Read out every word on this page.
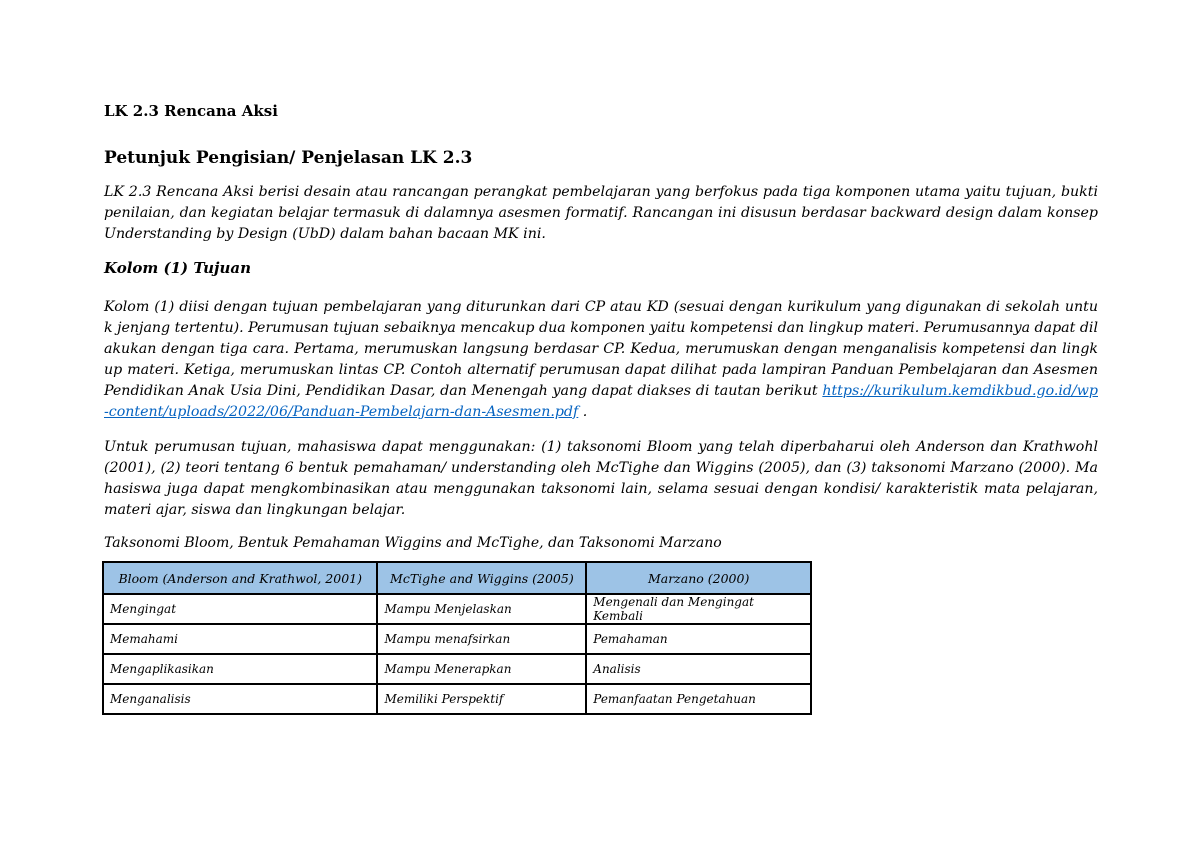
LK 2.3 Rencana Aksi
Petunjuk Pengisian/ Penjelasan LK 2.3

LK 2.3 Rencana Aksi berisi desain atau rancangan perangkat pembelajaran yang berfokus pada tiga komponen utama yaitu tujuan, bukti penilaian, dan kegiatan belajar termasuk di dalamnya asesmen formatif. Rancangan ini disusun berdasar backward design dalam konsep Understanding by Design (UbD) dalam bahan bacaan MK ini.

Kolom (1) Tujuan

Kolom (1) diisi dengan tujuan pembelajaran yang diturunkan dari CP atau KD (sesuai dengan kurikulum yang digunakan di sekolah untuk jenjang tertentu). Perumusan tujuan sebaiknya mencakup dua komponen yaitu kompetensi dan lingkup materi. Perumusannya dapat dilakukan dengan tiga cara. Pertama, merumuskan langsung berdasar CP. Kedua, merumuskan dengan menganalisis kompetensi dan lingkup materi. Ketiga, merumuskan lintas CP. Contoh alternatif perumusan dapat dilihat pada lampiran Panduan Pembelajaran dan Asesmen Pendidikan Anak Usia Dini, Pendidikan Dasar, dan Menengah yang dapat diakses di tautan berikut https://kurikulum.kemdikbud.go.id/wp-content/uploads/2022/06/Panduan-Pembelajarn-dan-Asesmen.pdf .

Untuk perumusan tujuan, mahasiswa dapat menggunakan: (1) taksonomi Bloom yang telah diperbaharui oleh Anderson dan Krathwohl (2001), (2) teori tentang 6 bentuk pemahaman/ understanding oleh McTighe dan Wiggins (2005), dan (3) taksonomi Marzano (2000). Mahasiswa juga dapat mengkombinasikan atau menggunakan taksonomi lain, selama sesuai dengan kondisi/ karakteristik mata pelajaran, materi ajar, siswa dan lingkungan belajar.

Taksonomi Bloom, Bentuk Pemahaman Wiggins and McTighe, dan Taksonomi Marzano
Bloom (Anderson and Krathwol, 2001)	McTighe and Wiggins (2005)	Marzano (2000)
Mengingat	Mampu Menjelaskan	Mengenali dan Mengingat Kembali
Memahami	Mampu menafsirkan	Pemahaman
Mengaplikasikan	Mampu Menerapkan	Analisis
Menganalisis	Memiliki Perspektif	Pemanfaatan Pengetahuan
